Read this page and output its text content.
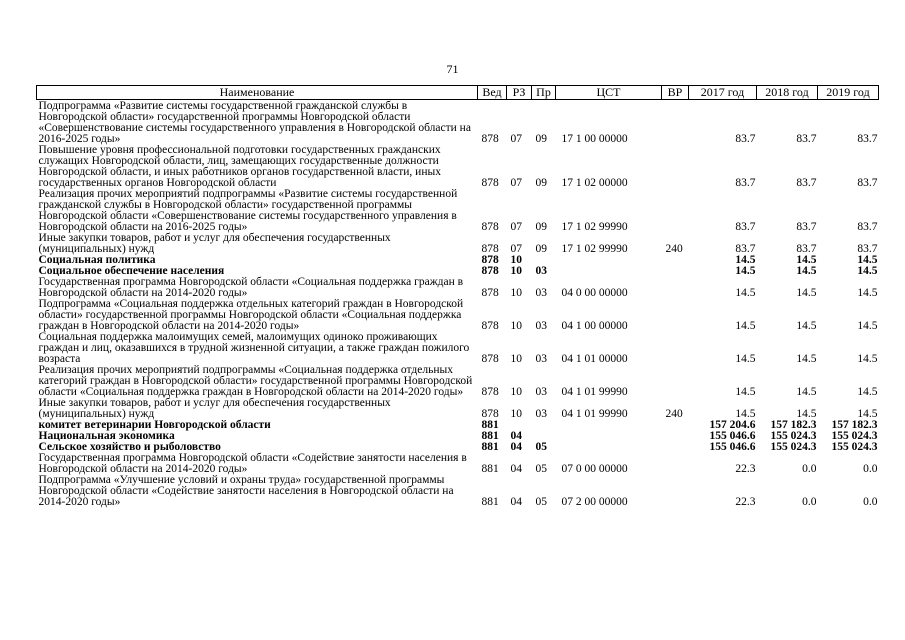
71
Наименование	Вед	РЗ	Пр	ЦСТ	ВР	2017 год	2018 год	2019 год
Подпрограмма «Развитие системы государственной гражданской службы в Новгородской области» государственной программы Новгородской области «Совершенствование системы государственного управления в Новгородской области на 2016-2025 годы»	878	07	09	17 1 00 00000		83.7	83.7	83.7
Повышение уровня профессиональной подготовки государственных гражданских служащих Новгородской области, лиц, замещающих государственные должности Новгородской области, и иных работников органов государственной власти, иных государственных органов Новгородской области	878	07	09	17 1 02 00000		83.7	83.7	83.7
Реализация прочих мероприятий подпрограммы «Развитие системы государственной гражданской службы в Новгородской области» государственной программы Новгородской области «Совершенствование системы государственного управления в Новгородской области на 2016-2025 годы»	878	07	09	17 1 02 99990		83.7	83.7	83.7
Иные закупки товаров, работ и услуг для обеспечения государственных (муниципальных) нужд	878	07	09	17 1 02 99990	240	83.7	83.7	83.7
Социальная политика	878	10				14.5	14.5	14.5
Социальное обеспечение населения	878	10	03			14.5	14.5	14.5
Государственная программа Новгородской области «Социальная поддержка граждан в Новгородской области на 2014-2020 годы»	878	10	03	04 0 00 00000		14.5	14.5	14.5
Подпрограмма «Социальная поддержка отдельных категорий граждан в Новгородской области» государственной программы Новгородской области «Социальная поддержка граждан в Новгородской области на 2014-2020 годы»	878	10	03	04 1 00 00000		14.5	14.5	14.5
Социальная поддержка малоимущих семей, малоимущих одиноко проживающих граждан и лиц, оказавшихся в трудной жизненной ситуации, а также граждан пожилого возраста	878	10	03	04 1 01 00000		14.5	14.5	14.5
Реализация прочих мероприятий подпрограммы «Социальная поддержка отдельных категорий граждан в Новгородской области» государственной программы Новгородской области «Социальная поддержка граждан в Новгородской области на 2014-2020 годы»	878	10	03	04 1 01 99990		14.5	14.5	14.5
Иные закупки товаров, работ и услуг для обеспечения государственных (муниципальных) нужд	878	10	03	04 1 01 99990	240	14.5	14.5	14.5
комитет ветеринарии Новгородской области	881					157 204.6	157 182.3	157 182.3
Национальная экономика	881	04				155 046.6	155 024.3	155 024.3
Сельское хозяйство и рыболовство	881	04	05			155 046.6	155 024.3	155 024.3
Государственная программа Новгородской области «Содействие занятости населения в Новгородской области на 2014-2020 годы»	881	04	05	07 0 00 00000		22.3	0.0	0.0
Подпрограмма «Улучшение условий и охраны труда» государственной программы Новгородской области «Содействие занятости населения в Новгородской области на 2014-2020 годы»	881	04	05	07 2 00 00000		22.3	0.0	0.0
